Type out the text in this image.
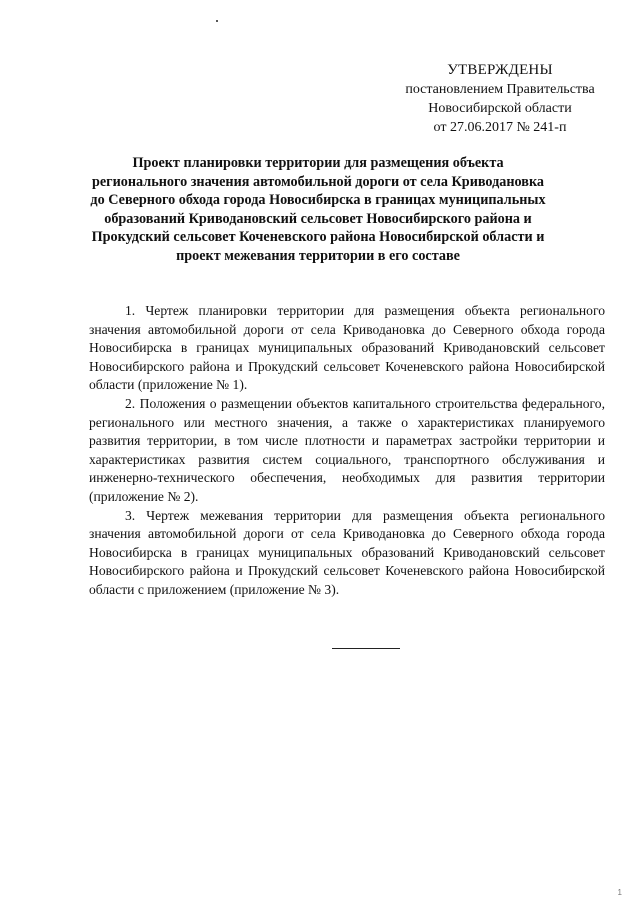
УТВЕРЖДЕНЫ
постановлением Правительства
Новосибирской области
от 27.06.2017 № 241-п
Проект планировки территории для размещения объекта регионального значения автомобильной дороги от села Криводановка до Северного обхода города Новосибирска в границах муниципальных образований Криводановский сельсовет Новосибирского района и Прокудский сельсовет Коченевского района Новосибирской области и проект межевания территории в его составе

1. Чертеж планировки территории для размещения объекта регионального значения автомобильной дороги от села Криводановка до Северного обхода города Новосибирска в границах муниципальных образований Криводановский сельсовет Новосибирского района и Прокудский сельсовет Коченевского района Новосибирской области (приложение № 1).

2. Положения о размещении объектов капитального строительства федерального, регионального или местного значения, а также о характеристиках планируемого развития территории, в том числе плотности и параметрах застройки территории и характеристиках развития систем социального, транспортного обслуживания и инженерно-технического обеспечения, необходимых для развития территории (приложение № 2).

3. Чертеж межевания территории для размещения объекта регионального значения автомобильной дороги от села Криводановка до Северного обхода города Новосибирска в границах муниципальных образований Криводановский сельсовет Новосибирского района и Прокудский сельсовет Коченевского района Новосибирской области с приложением (приложение № 3).

1
